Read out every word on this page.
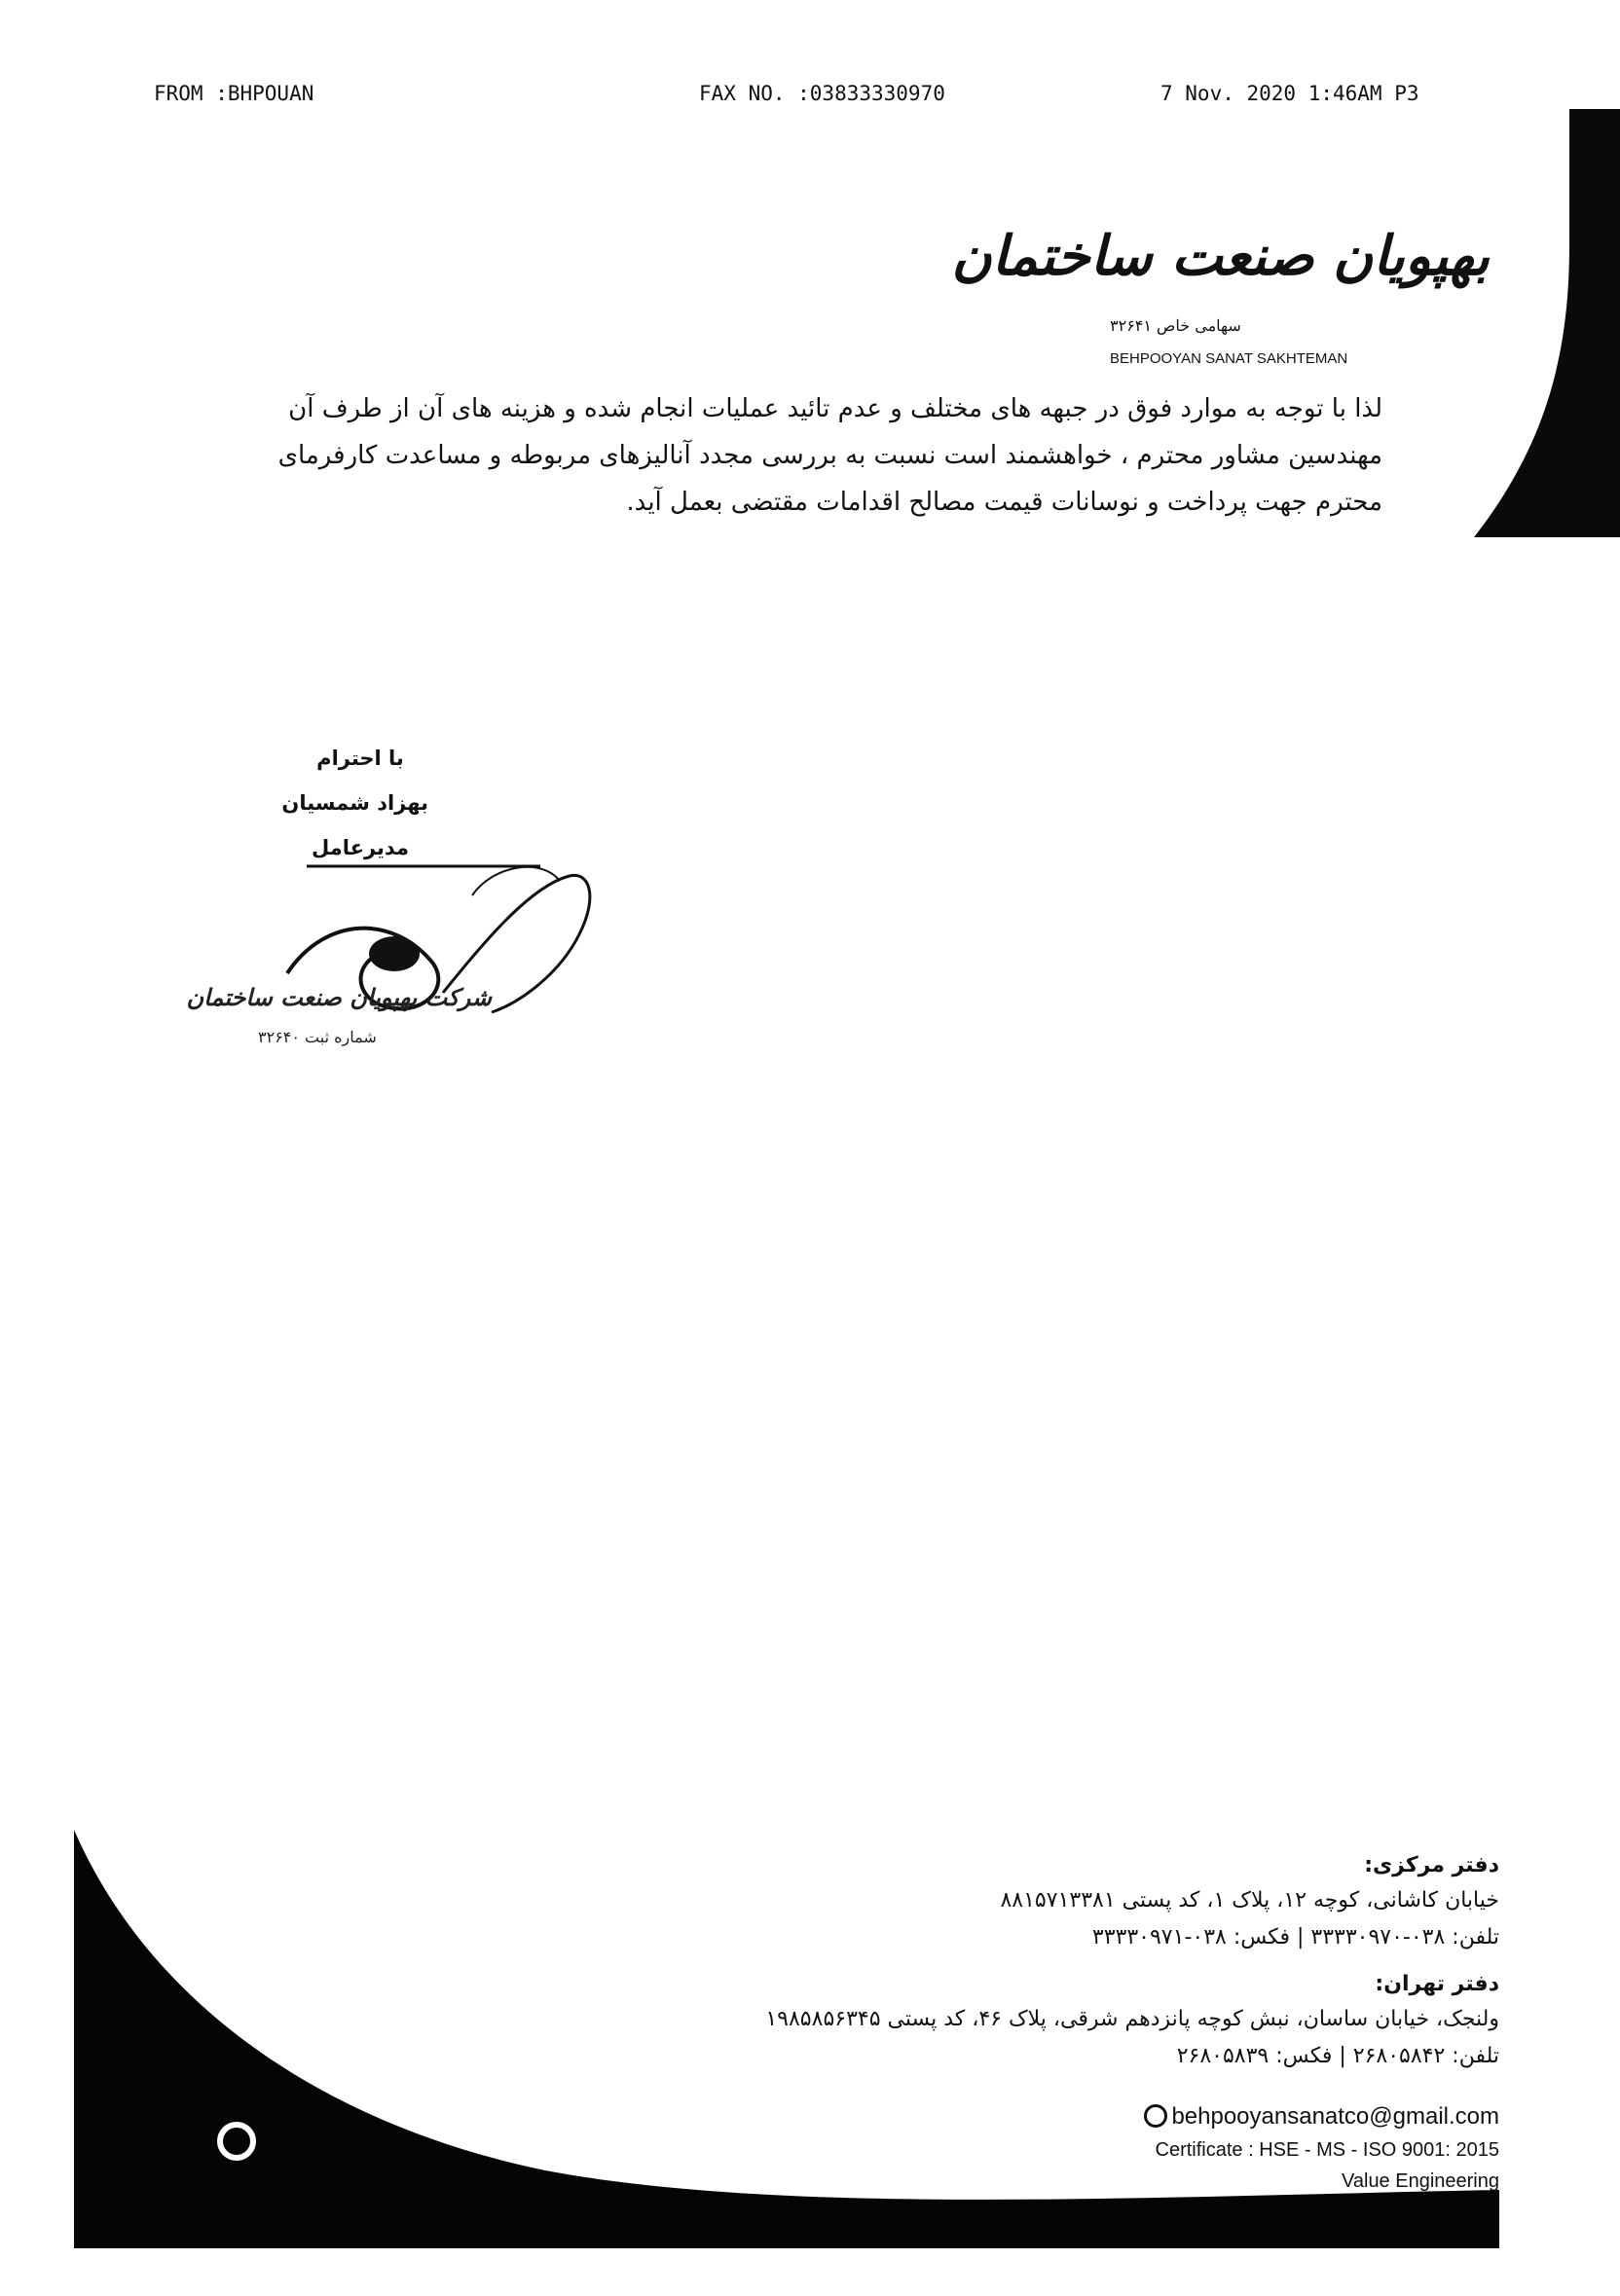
FROM :BHPOUAN	FAX NO. :03833330970	7 Nov. 2020 1:46AM P3
بهپویان صنعت ساختمان
سهامی خاص ۳۲۶۴۱
BEHPOOYAN SANAT SAKHTEMAN
لذا با توجه به موارد فوق در جبهه های مختلف و عدم تائید عملیات انجام شده و هزینه های آن از طرف آن
مهندسین مشاور محترم ، خواهشمند است نسبت به بررسی مجدد آنالیزهای مربوطه و مساعدت کارفرمای
محترم جهت پرداخت و نوسانات قیمت مصالح اقدامات مقتضی بعمل آید.
با احترام
بهزاد شمسیان
مدیرعامل
شرکت بهپویان صنعت ساختمان
شماره ثبت ۳۲۶۴۰
دفتر مرکزی:
خیابان کاشانی، کوچه ۱۲، پلاک ۱، کد پستی ۸۸۱۵۷۱۳۳۸۱
تلفن: ۰۳۸-۳۳۳۳۰۹۷۰ | فکس: ۰۳۸-۳۳۳۳۰۹۷۱
دفتر تهران:
ولنجک، خیابان ساسان، نبش کوچه پانزدهم شرقی، پلاک ۴۶، کد پستی ۱۹۸۵۸۵۶۳۴۵
تلفن: ۲۶۸۰۵۸۴۲ | فکس: ۲۶۸۰۵۸۳۹
behpooyansanatco@gmail.com
Certificate : HSE - MS - ISO 9001: 2015
Value Engineering
